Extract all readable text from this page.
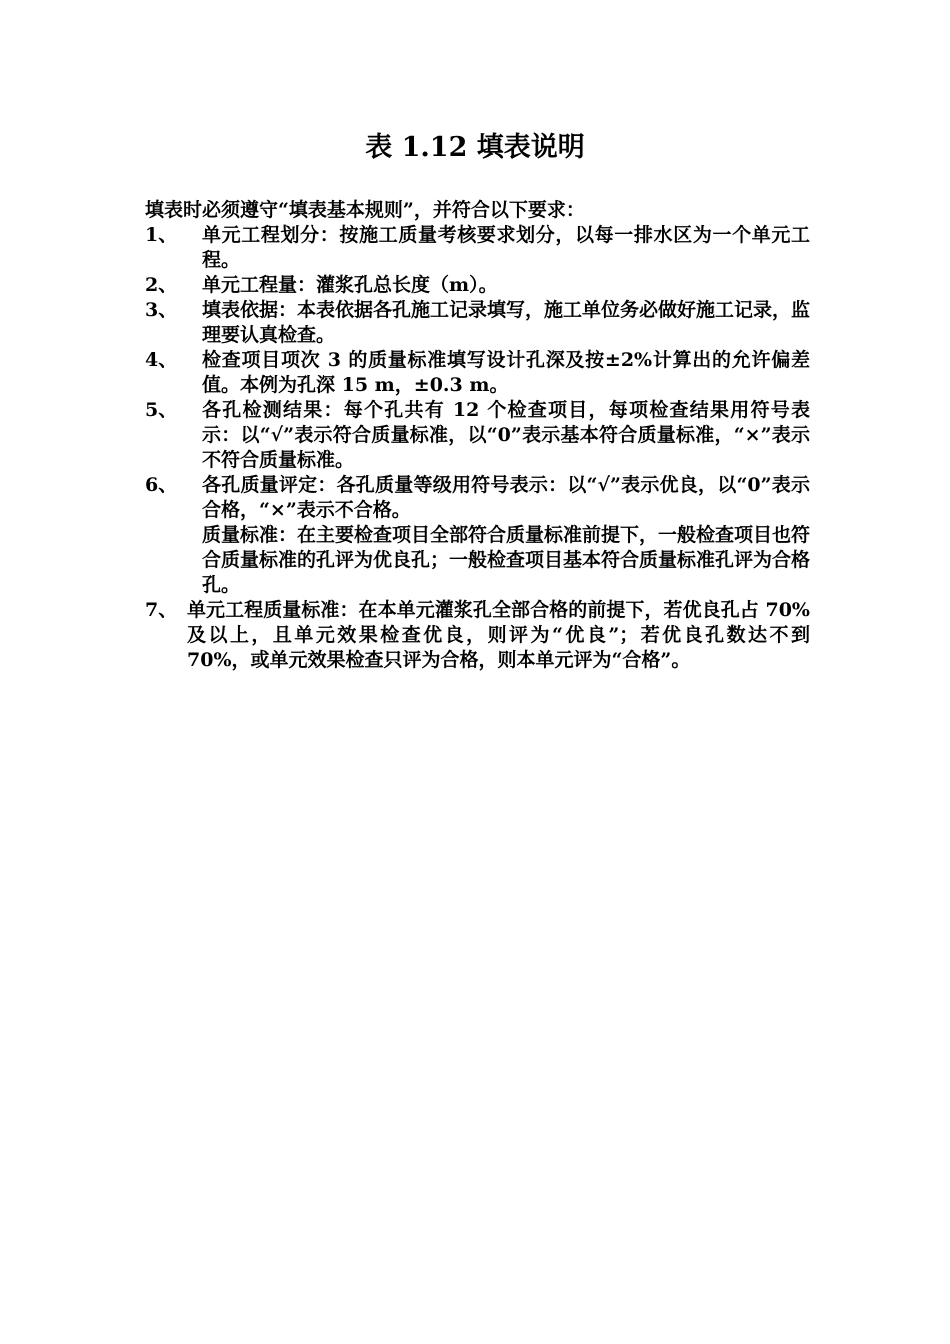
表 1.12 填表说明

填表时必须遵守“填表基本规则”，并符合以下要求：

1、	单元工程划分：按施工质量考核要求划分，以每一排水区为一个单元工程。
2、	单元工程量：灌浆孔总长度（m）。
3、	填表依据：本表依据各孔施工记录填写，施工单位务必做好施工记录，监理要认真检查。
4、	检查项目项次 3 的质量标准填写设计孔深及按±2%计算出的允许偏差值。本例为孔深 15 m，±0.3 m。
5、	各孔检测结果：每个孔共有 12 个检查项目，每项检查结果用符号表示：以“√”表示符合质量标准，以“0”表示基本符合质量标准，“×”表示不符合质量标准。
6、	各孔质量评定：各孔质量等级用符号表示：以“√”表示优良，以“0”表示合格，“×”表示不合格。

质量标准：在主要检查项目全部符合质量标准前提下，一般检查项目也符合质量标准的孔评为优良孔；一般检查项目基本符合质量标准孔评为合格孔。

7、 单元工程质量标准：在本单元灌浆孔全部合格的前提下，若优良孔占 70%及以上，且单元效果检查优良，则评为“优良”；若优良孔数达不到 70%，或单元效果检查只评为合格，则本单元评为“合格”。
